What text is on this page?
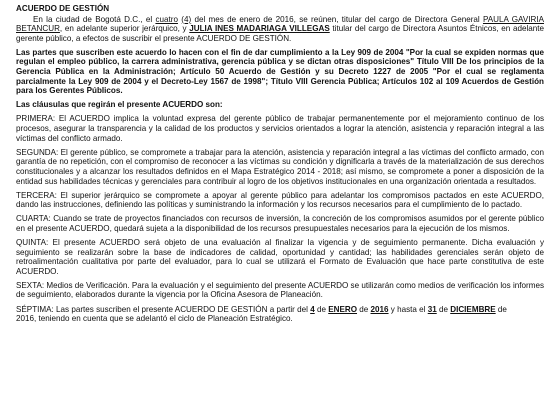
ACUERDO DE GESTIÓN

En la ciudad de Bogotá D.C., el cuatro (4) del mes de enero de 2016, se reúnen, titular del cargo de Directora General PAULA GAVIRIA BETANCUR, en adelante superior jerárquico, y JULIA INES MADARIAGA VILLEGAS titular del cargo de Directora Asuntos Étnicos, en adelante gerente público, a efectos de suscribir el presente ACUERDO DE GESTIÓN.

Las partes que suscriben este acuerdo lo hacen con el fin de dar cumplimiento a la Ley 909 de 2004 "Por la cual se expiden normas que regulan el empleo público, la carrera administrativa, gerencia pública y se dictan otras disposiciones" Título VIII De los principios de la Gerencia Pública en la Administración; Artículo 50 Acuerdo de Gestión y su Decreto 1227 de 2005 "Por el cual se reglamenta parcialmente la Ley 909 de 2004 y el Decreto-Ley 1567 de 1998"; Título VIII Gerencia Pública; Artículos 102 al 109 Acuerdos de Gestión para los Gerentes Públicos.

Las cláusulas que regirán el presente ACUERDO son:

PRIMERA: El ACUERDO implica la voluntad expresa del gerente público de trabajar permanentemente por el mejoramiento continuo de los procesos, asegurar la transparencia y la calidad de los productos y servicios orientados a lograr la atención, asistencia y reparación integral a las víctimas del conflicto armado.

SEGUNDA: El gerente público, se compromete a trabajar para la atención, asistencia y reparación integral a las víctimas del conflicto armado, con garantía de no repetición, con el compromiso de reconocer a las víctimas su condición y dignificarla a través de la materialización de sus derechos constitucionales y a alcanzar los resultados definidos en el Mapa Estratégico 2014 - 2018; así mismo, se compromete a poner a disposición de la entidad sus habilidades técnicas y gerenciales para contribuir al logro de los objetivos institucionales en una organización orientada a resultados.

TERCERA: El superior jerárquico se compromete a apoyar al gerente público para adelantar los compromisos pactados en este ACUERDO, dando las instrucciones, definiendo las políticas y suministrando la información y los recursos necesarios para el cumplimiento de lo pactado.

CUARTA: Cuando se trate de proyectos financiados con recursos de inversión, la concreción de los compromisos asumidos por el gerente público en el presente ACUERDO, quedará sujeta a la disponibilidad de los recursos presupuestales necesarios para la ejecución de los mismos.

QUINTA: El presente ACUERDO será objeto de una evaluación al finalizar la vigencia y de seguimiento permanente. Dicha evaluación y seguimiento se realizarán sobre la base de indicadores de calidad, oportunidad y cantidad; las habilidades gerenciales serán objeto de retroalimentación cualitativa por parte del evaluador, para lo cual se utilizará el Formato de Evaluación que hace parte constitutiva de este ACUERDO.

SEXTA: Medios de Verificación. Para la evaluación y el seguimiento del presente ACUERDO se utilizarán como medios de verificación los informes de seguimiento, elaborados durante la vigencia por la Oficina Asesora de Planeación.

SÉPTIMA: Las partes suscriben el presente ACUERDO DE GESTIÓN a partir del 4 de ENERO de 2016 y hasta el 31 de DICIEMBRE de
2016, teniendo en cuenta que se adelantó el ciclo de Planeación Estratégico.
